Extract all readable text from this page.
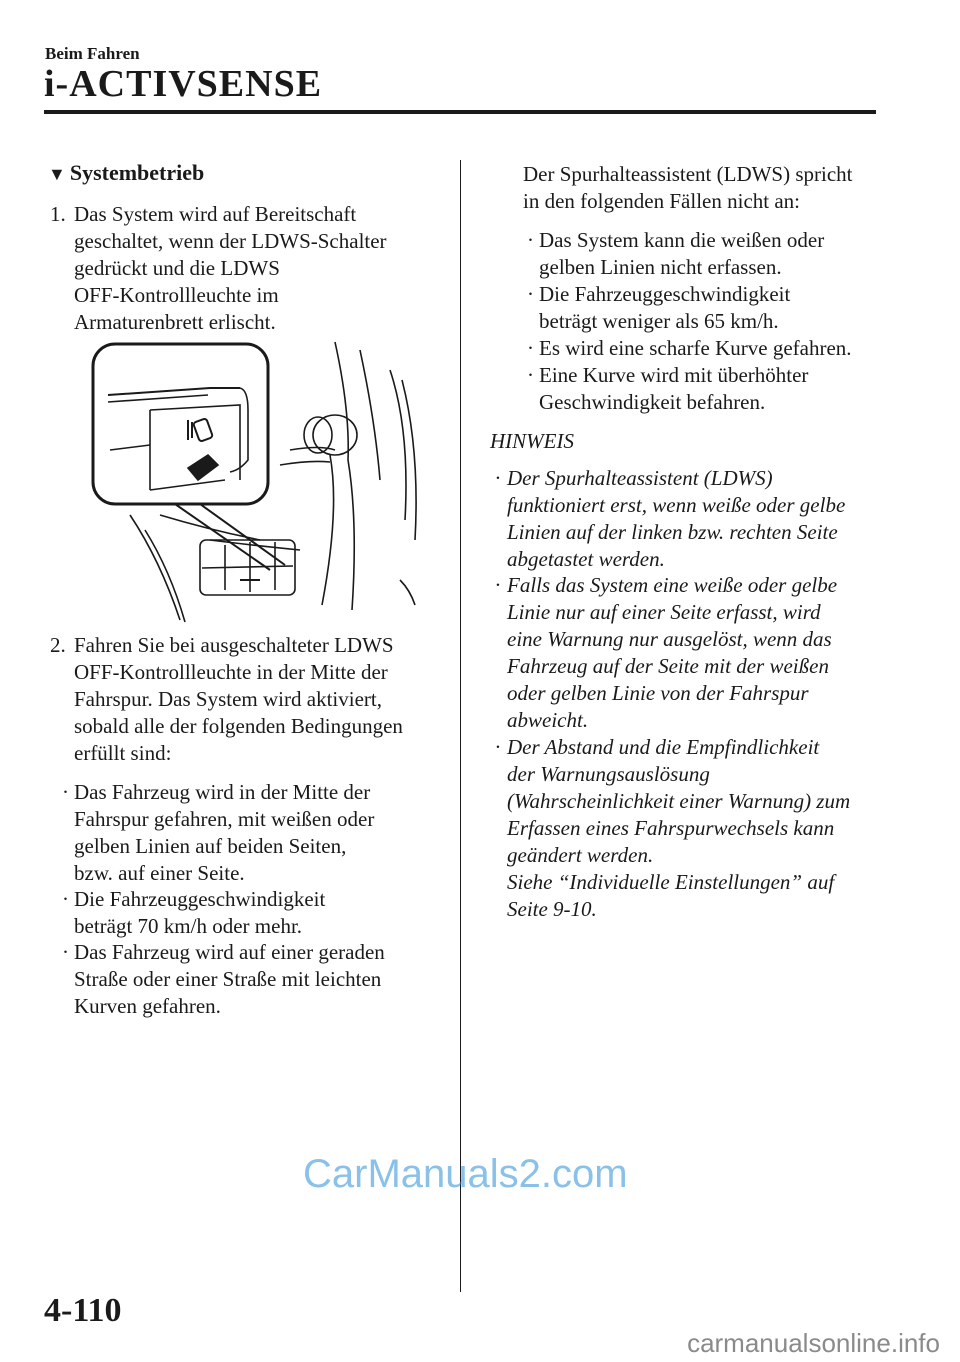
Beim Fahren
i-ACTIVSENSE
▼ Systembetrieb
1. Das System wird auf Bereitschaft
geschaltet, wenn der LDWS-Schalter
gedrückt und die LDWS
OFF-Kontrollleuchte im
Armaturenbrett erlischt.
2. Fahren Sie bei ausgeschalteter LDWS
OFF-Kontrollleuchte in der Mitte der
Fahrspur. Das System wird aktiviert,
sobald alle der folgenden Bedingungen
erfüllt sind:
· Das Fahrzeug wird in der Mitte der
Fahrspur gefahren, mit weißen oder
gelben Linien auf beiden Seiten,
bzw. auf einer Seite.
· Die Fahrzeuggeschwindigkeit
beträgt 70 km/h oder mehr.
· Das Fahrzeug wird auf einer geraden
Straße oder einer Straße mit leichten
Kurven gefahren.
Der Spurhalteassistent (LDWS) spricht
in den folgenden Fällen nicht an:
· Das System kann die weißen oder
gelben Linien nicht erfassen.
· Die Fahrzeuggeschwindigkeit
beträgt weniger als 65 km/h.
· Es wird eine scharfe Kurve gefahren.
· Eine Kurve wird mit überhöhter
Geschwindigkeit befahren.
HINWEIS
· Der Spurhalteassistent (LDWS)
funktioniert erst, wenn weiße oder gelbe
Linien auf der linken bzw. rechten Seite
abgetastet werden.
· Falls das System eine weiße oder gelbe
Linie nur auf einer Seite erfasst, wird
eine Warnung nur ausgelöst, wenn das
Fahrzeug auf der Seite mit der weißen
oder gelben Linie von der Fahrspur
abweicht.
· Der Abstand und die Empfindlichkeit
der Warnungsauslösung
(Wahrscheinlichkeit einer Warnung) zum
Erfassen eines Fahrspurwechsels kann
geändert werden.
Siehe “Individuelle Einstellungen” auf
Seite 9-10.
CarManuals2.com
4-110
carmanualsonline.info
